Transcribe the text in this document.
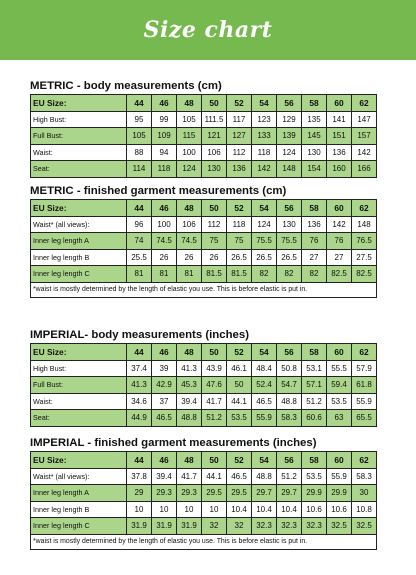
Size chart
METRIC - body measurements (cm)
EU Size:	44	46	48	50	52	54	56	58	60	62
High Bust:	95	99	105	111.5	117	123	129	135	141	147
Full Bust:	105	109	115	121	127	133	139	145	151	157
Waist:	88	94	100	106	112	118	124	130	136	142
Seat:	114	118	124	130	136	142	148	154	160	166
METRIC - finished garment measurements (cm)
EU Size:	44	46	48	50	52	54	56	58	60	62
Waist* (all views):	96	100	106	112	118	124	130	136	142	148
Inner leg length A	74	74.5	74.5	75	75	75.5	75.5	76	76	76.5
Inner leg length B	25.5	26	26	26	26.5	26.5	26.5	27	27	27.5
Inner leg length C	81	81	81	81.5	81.5	82	82	82	82.5	82.5
*waist is mostly determined by the length of elastic you use. This is before elastic is put in.										
IMPERIAL- body measurements (inches)
EU Size:	44	46	48	50	52	54	56	58	60	62
High Bust:	37.4	39	41.3	43.9	46.1	48.4	50.8	53.1	55.5	57.9
Full Bust:	41.3	42.9	45.3	47.6	50	52.4	54.7	57.1	59.4	61.8
Waist:	34.6	37	39.4	41.7	44.1	46.5	48.8	51.2	53.5	55.9
Seat:	44.9	46.5	48.8	51.2	53.5	55.9	58.3	60.6	63	65.5
IMPERIAL - finished garment measurements (inches)
EU Size:	44	46	48	50	52	54	56	58	60	62
Waist* (all views):	37.8	39.4	41.7	44.1	46.5	48.8	51.2	53.5	55.9	58.3
Inner leg length A	29	29.3	29.3	29.5	29.5	29.7	29.7	29.9	29.9	30
Inner leg length B	10	10	10	10	10.4	10.4	10.4	10.6	10.6	10.8
Inner leg length C	31.9	31.9	31.9	32	32	32.3	32.3	32.3	32.5	32.5
*waist is mostly determined by the length of elastic you use. This is before elastic is put in.										
